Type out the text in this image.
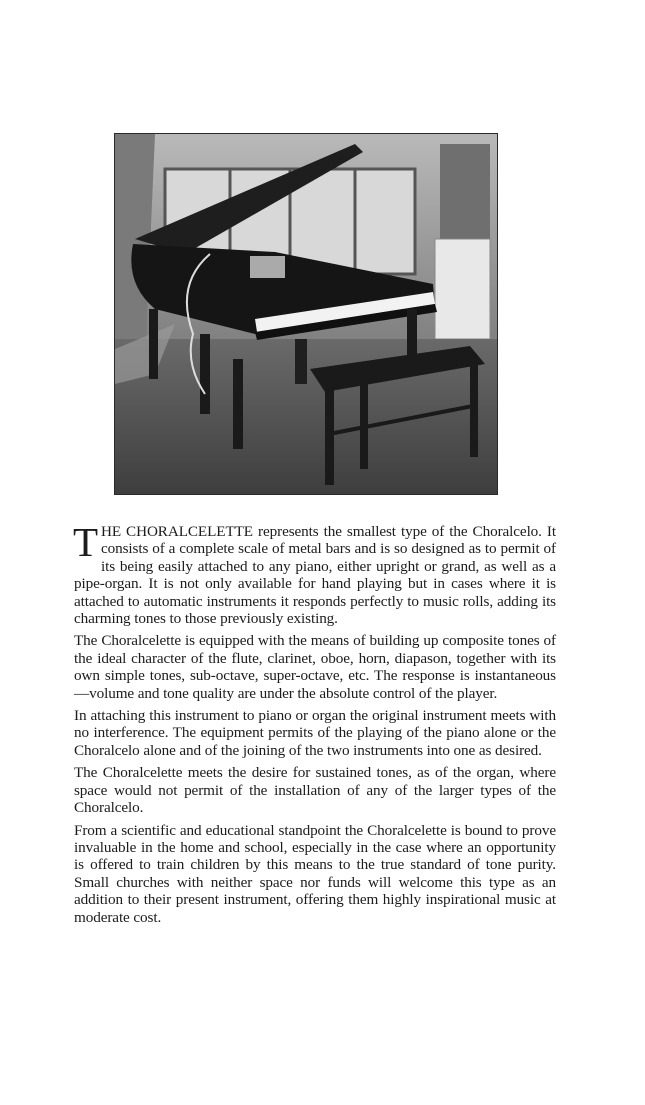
THE CHORALCELETTE represents the smallest type of the Choralcelo. It consists of a complete scale of metal bars and is so designed as to permit of its being easily attached to any piano, either upright or grand, as well as a pipe-organ. It is not only available for hand playing but in cases where it is attached to automatic instruments it responds perfectly to music rolls, adding its charming tones to those previously existing.

The Choralcelette is equipped with the means of building up composite tones of the ideal character of the flute, clarinet, oboe, horn, diapason, together with its own simple tones, sub-octave, super-octave, etc. The response is instantaneous—volume and tone quality are under the absolute control of the player.

In attaching this instrument to piano or organ the original instrument meets with no interference. The equipment permits of the playing of the piano alone or the Choralcelo alone and of the joining of the two instruments into one as desired.

The Choralcelette meets the desire for sustained tones, as of the organ, where space would not permit of the installation of any of the larger types of the Choralcelo.

From a scientific and educational standpoint the Choralcelette is bound to prove invaluable in the home and school, especially in the case where an opportunity is offered to train children by this means to the true standard of tone purity. Small churches with neither space nor funds will welcome this type as an addition to their present instrument, offering them highly inspirational music at moderate cost.
